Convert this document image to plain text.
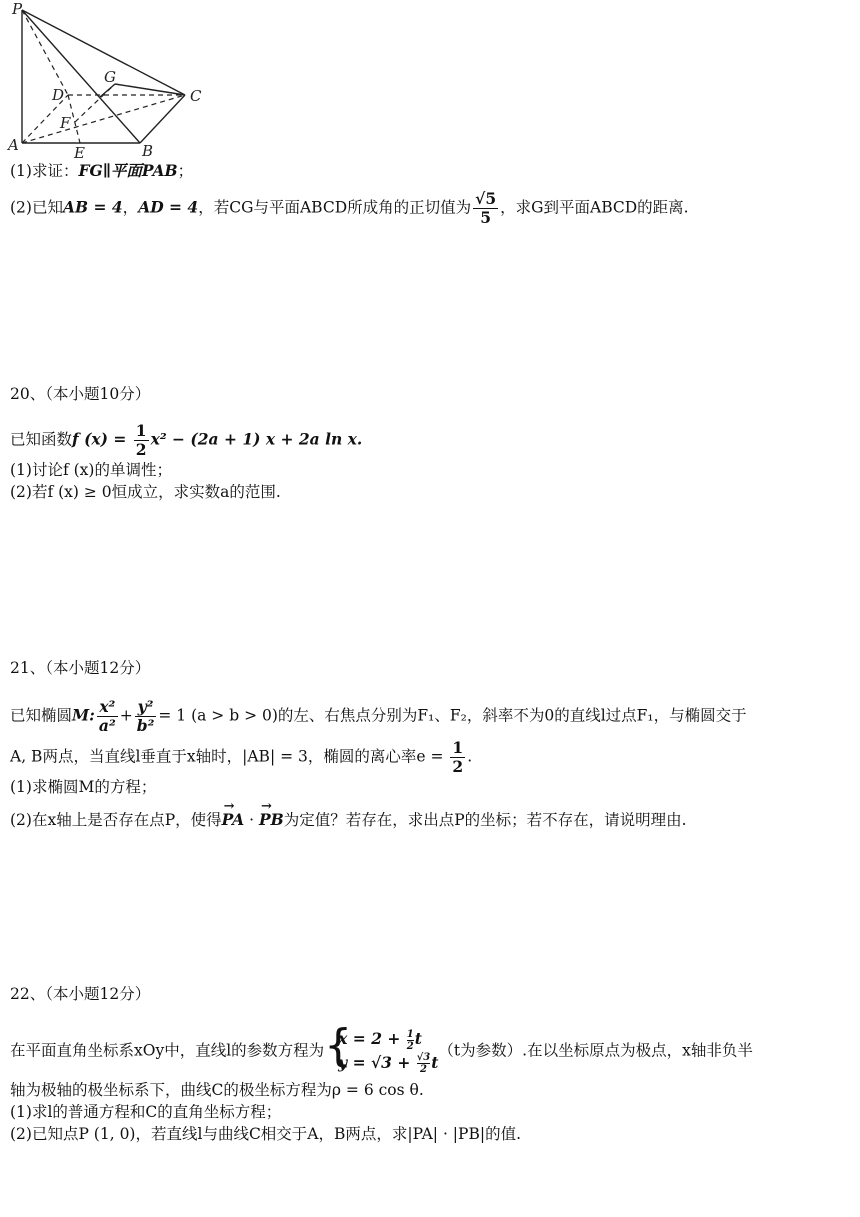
P
D
G
C
F
A	E	B
(1)求证：FG∥平面PAB；
(2)已知AB = 4，AD = 4，若CG与平面ABCD所成角的正切值为 $\frac{√5}{5}$ ，求G到平面ABCD的距离.
20、（本小题10分）
已知函数f $(x) = \frac{1}{2} x^2 - (2a + 1) x + 2a$ ln x.
(1)讨论f (x)的单调性；
(2)若f (x) ≥ 0恒成立，求实数a的范围.
21、（本小题12分）
已知椭圆M: $\frac{\text{x²}}{\text{a²}} + \frac{\text{y²}}{\text{b²}} = 1$ (a > b > 0)的左、右焦点分别为F₁、F₂，斜率不为0的直线l过点F₁，与椭圆交于
A, B两点，当直线l垂直于x轴时，|AB| = 3，椭圆的离心率$e = \frac{1}{2}$ .
(1)求椭圆M的方程；
(2)在x轴上是否存在点P，使得→ PA · → PB为定值？若存在，求出点P的坐标；若不存在，请说明理由.
22、（本小题12分）
在平面直角坐标系xOy中，直线l的参数方程为 {
$x = 2 + \frac{1}{2}$ t
$y = √3 + \frac{√3}{2}$ t
（t为参数）.在以坐标原点为极点，x轴非负半
轴为极轴的极坐标系下，曲线C的极坐标方程为ρ = 6 cos θ.
(1)求l的普通方程和C的直角坐标方程；
(2)已知点P (1, 0)，若直线l与曲线C相交于A，B两点，求|PA| · |PB|的值.
